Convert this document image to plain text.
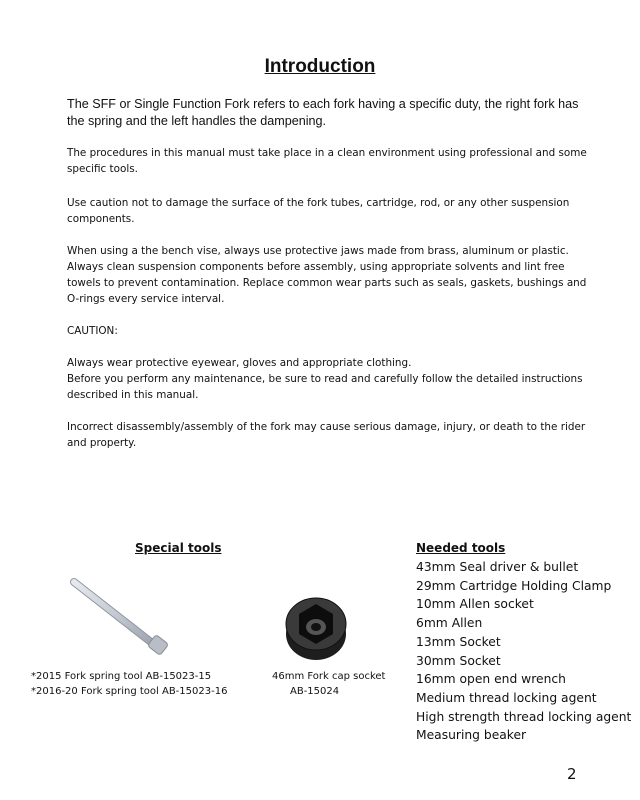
Introduction
The SFF or Single Function Fork refers to each fork having a specific duty, the right fork has the spring and the left handles the dampening.
The procedures in this manual must take place in a clean environment using professional and some specific tools.
Use caution not to damage the surface of the fork tubes, cartridge, rod, or any other suspension components.
When using a the bench vise, always use protective jaws made from brass, aluminum or plastic. Always clean suspension components before assembly, using appropriate solvents and lint free towels to prevent contamination. Replace common wear parts such as seals, gaskets, bushings and O-rings every service interval.
CAUTION:

Always wear protective eyewear, gloves and appropriate clothing.

Before you perform any maintenance, be sure to read and carefully follow the detailed instructions described in this manual.

Incorrect disassembly/assembly of the fork may cause serious damage, injury, or death to the rider and property.
Special tools

*2015 Fork spring tool AB-15023-15

*2016-20 Fork spring tool AB-15023-16

46mm Fork cap socket

AB-15024

Needed tools
43mm Seal driver & bullet
29mm Cartridge Holding Clamp
10mm Allen socket
6mm Allen
13mm Socket
30mm Socket
16mm open end wrench
Medium thread locking agent
High strength thread locking agent
Measuring beaker
2
